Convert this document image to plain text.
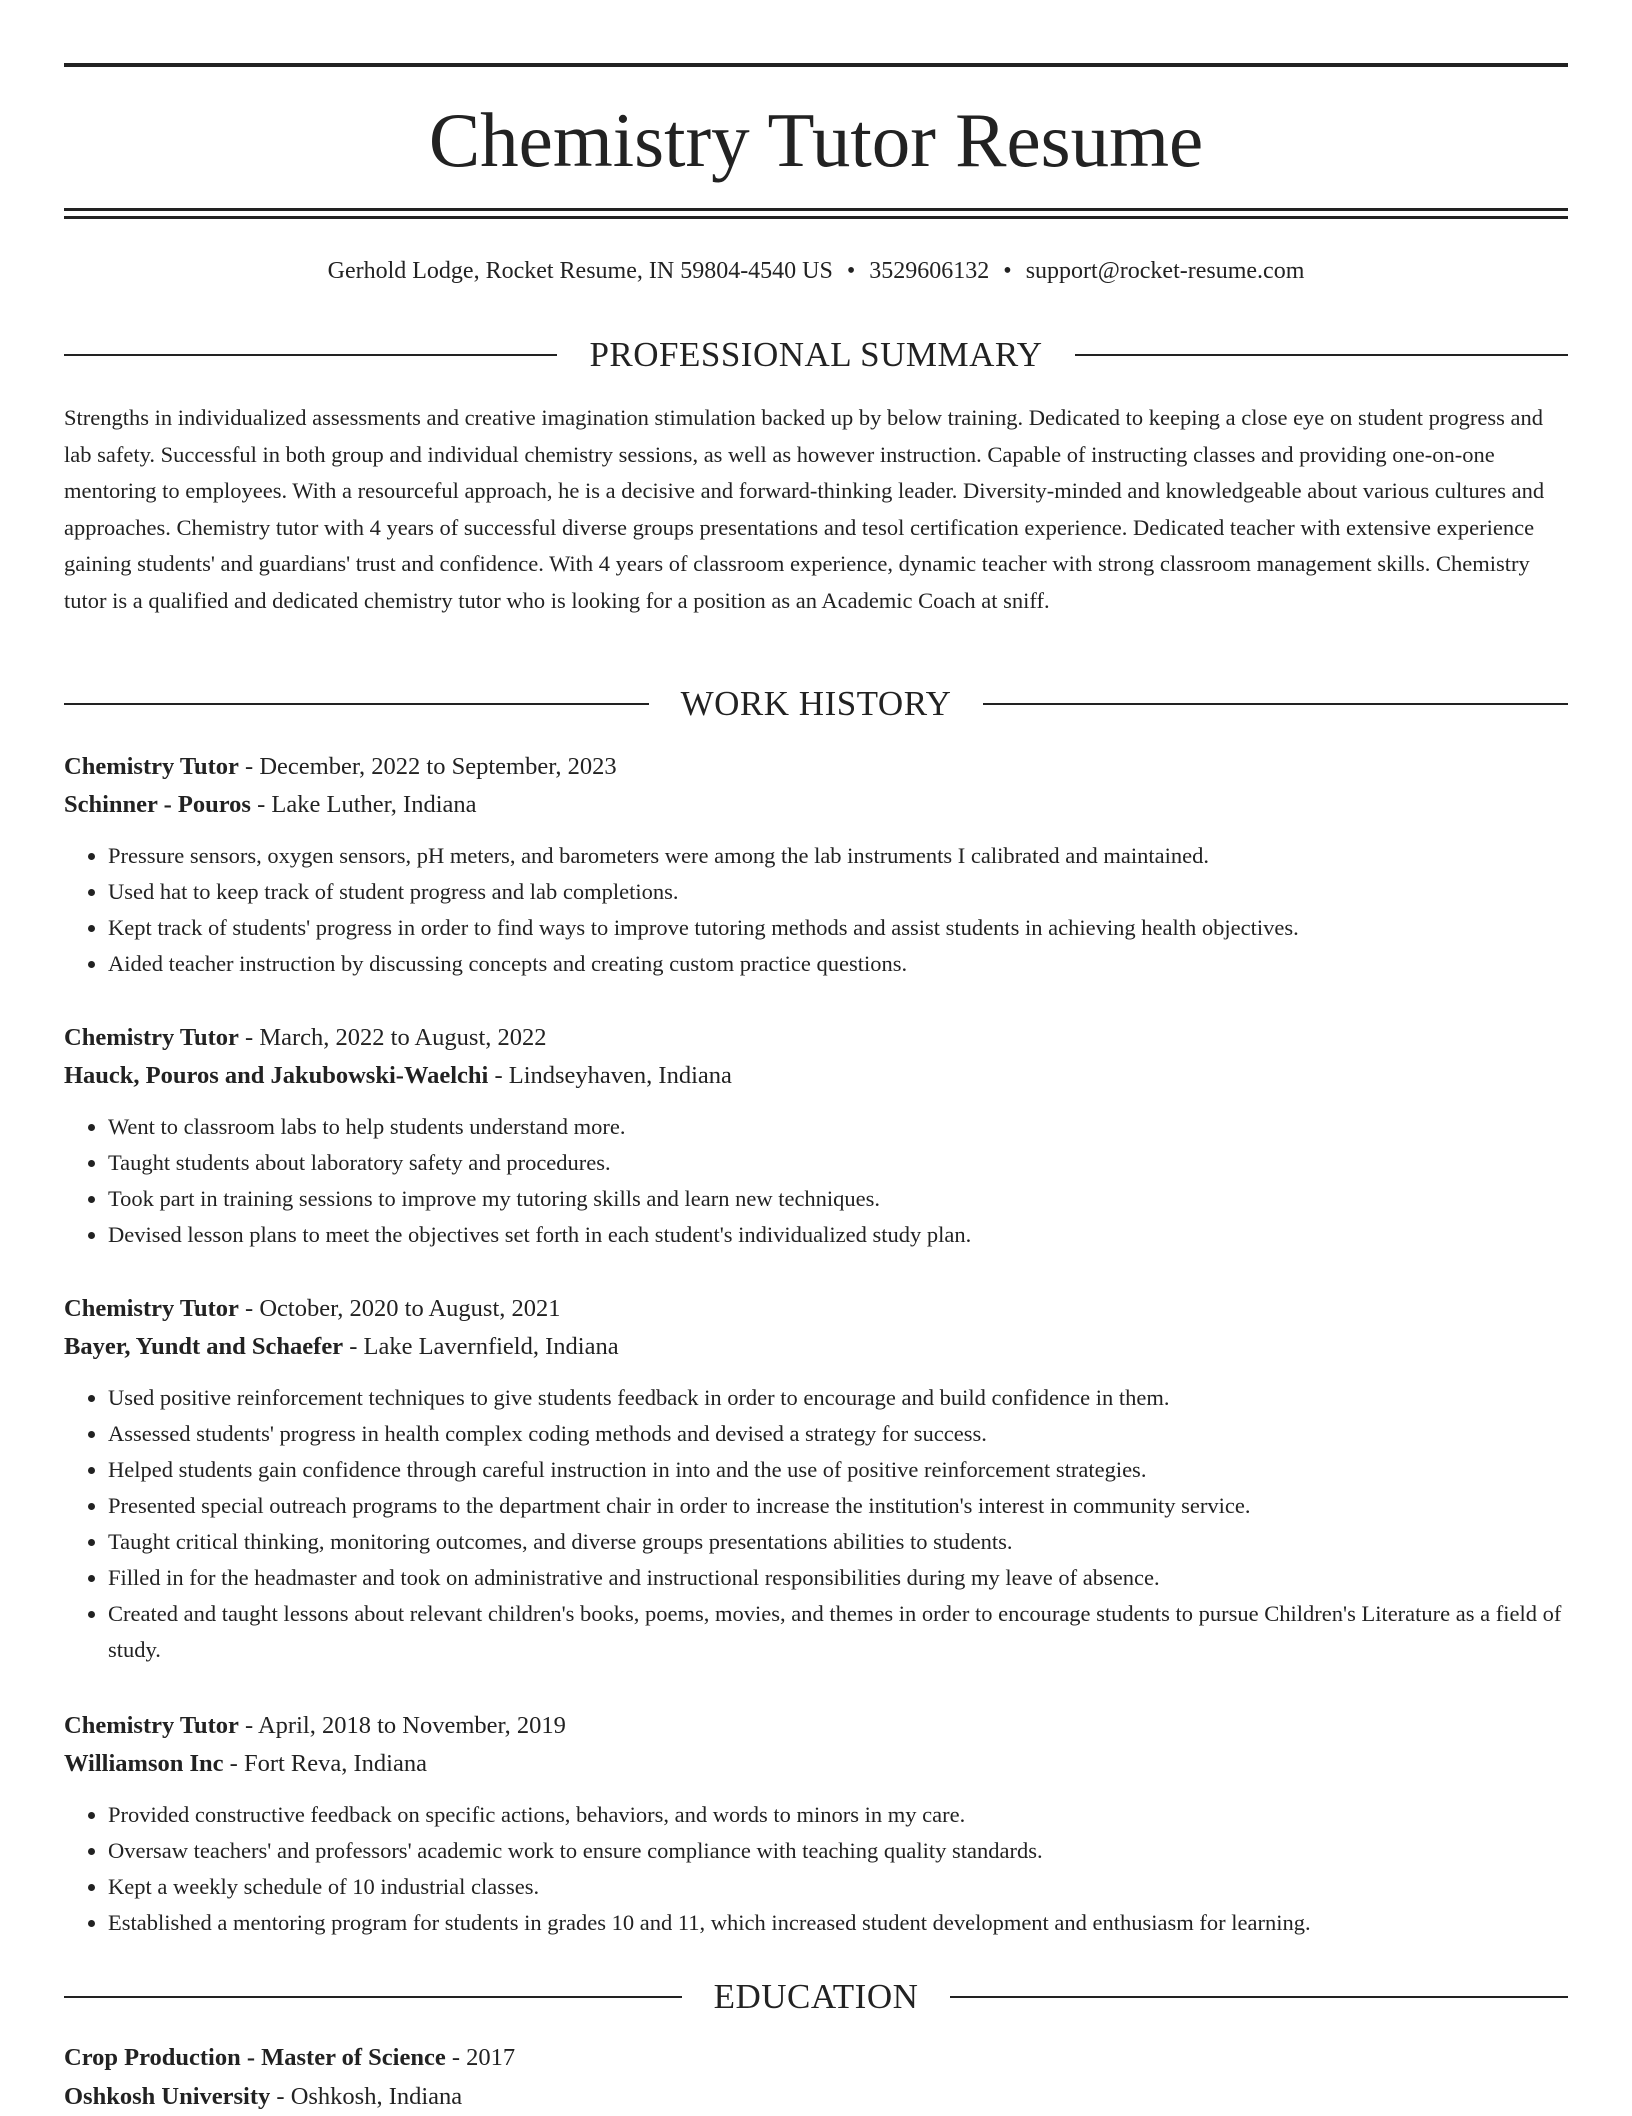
Chemistry Tutor Resume
Gerhold Lodge, Rocket Resume, IN 59804-4540 US • 3529606132 • support@rocket-resume.com
PROFESSIONAL SUMMARY

Strengths in individualized assessments and creative imagination stimulation backed up by below training. Dedicated to keeping a close eye on student progress and lab safety. Successful in both group and individual chemistry sessions, as well as however instruction. Capable of instructing classes and providing one-on-one mentoring to employees. With a resourceful approach, he is a decisive and forward-thinking leader. Diversity-minded and knowledgeable about various cultures and approaches. Chemistry tutor with 4 years of successful diverse groups presentations and tesol certification experience. Dedicated teacher with extensive experience gaining students' and guardians' trust and confidence. With 4 years of classroom experience, dynamic teacher with strong classroom management skills. Chemistry tutor is a qualified and dedicated chemistry tutor who is looking for a position as an Academic Coach at sniff.

WORK HISTORY
Chemistry Tutor - December, 2022 to September, 2023
Schinner - Pouros - Lake Luther, Indiana
• Pressure sensors, oxygen sensors, pH meters, and barometers were among the lab instruments I calibrated and maintained.
• Used hat to keep track of student progress and lab completions.
• Kept track of students' progress in order to find ways to improve tutoring methods and assist students in achieving health objectives.
• Aided teacher instruction by discussing concepts and creating custom practice questions.
Chemistry Tutor - March, 2022 to August, 2022
Hauck, Pouros and Jakubowski-Waelchi - Lindseyhaven, Indiana
• Went to classroom labs to help students understand more.
• Taught students about laboratory safety and procedures.
• Took part in training sessions to improve my tutoring skills and learn new techniques.
• Devised lesson plans to meet the objectives set forth in each student's individualized study plan.
Chemistry Tutor - October, 2020 to August, 2021
Bayer, Yundt and Schaefer - Lake Lavernfield, Indiana
• Used positive reinforcement techniques to give students feedback in order to encourage and build confidence in them.
• Assessed students' progress in health complex coding methods and devised a strategy for success.
• Helped students gain confidence through careful instruction in into and the use of positive reinforcement strategies.
• Presented special outreach programs to the department chair in order to increase the institution's interest in community service.
• Taught critical thinking, monitoring outcomes, and diverse groups presentations abilities to students.
• Filled in for the headmaster and took on administrative and instructional responsibilities during my leave of absence.
• Created and taught lessons about relevant children's books, poems, movies, and themes in order to encourage students to pursue Children's Literature as a field of study.
Chemistry Tutor - April, 2018 to November, 2019
Williamson Inc - Fort Reva, Indiana
• Provided constructive feedback on specific actions, behaviors, and words to minors in my care.
• Oversaw teachers' and professors' academic work to ensure compliance with teaching quality standards.
• Kept a weekly schedule of 10 industrial classes.
• Established a mentoring program for students in grades 10 and 11, which increased student development and enthusiasm for learning.
EDUCATION
Crop Production - Master of Science - 2017
Oshkosh University - Oshkosh, Indiana
